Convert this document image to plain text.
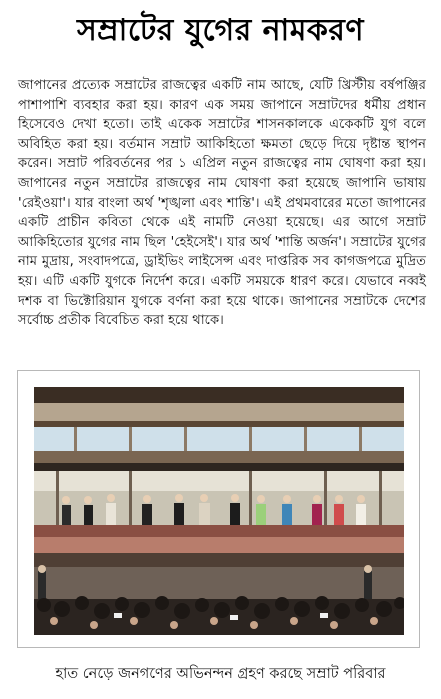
সম্রাটের যুগের নামকরণ
জাপানের প্রত্যেক সম্রাটের রাজত্বের একটি নাম আছে, যেটি খ্রিস্টীয় বর্ষপঞ্জির পাশাপাশি ব্যবহার করা হয়। কারণ এক সময় জাপানে সম্রাটদের ধর্মীয় প্রধান হিসেবেও দেখা হতো। তাই একেক সম্রাটের শাসনকালকে একেকটি যুগ বলে অবিহিত করা হয়। বর্তমান সম্রাট আকিহিতো ক্ষমতা ছেড়ে দিয়ে দৃষ্টান্ত স্থাপন করেন। সম্রাট পরিবর্তনের পর ১ এপ্রিল নতুন রাজত্বের নাম ঘোষণা করা হয়। জাপানের নতুন সম্রাটের রাজত্বের নাম ঘোষণা করা হয়েছে জাপানি ভাষায় 'রেইওয়া'। যার বাংলা অর্থ 'শৃঙ্খলা এবং শান্তি'। এই প্রথমবারের মতো জাপানের একটি প্রাচীন কবিতা থেকে এই নামটি নেওয়া হয়েছে। এর আগে সম্রাট আকিহিতোর যুগের নাম ছিল 'হেইসেই'। যার অর্থ 'শান্তি অর্জন'। সম্রাটের যুগের নাম মুদ্রায়, সংবাদপত্রে, ড্রাইভিং লাইসেন্স এবং দাপ্তরিক সব কাগজপত্রে মুদ্রিত হয়। এটি একটি যুগকে নির্দেশ করে। একটি সময়কে ধারণ করে। যেভাবে নব্বই দশক বা ভিক্টোরিয়ান যুগকে বর্ণনা করা হয়ে থাকে। জাপানের সম্রাটকে দেশের সর্বোচ্চ প্রতীক বিবেচিত করা হয়ে থাকে।
হাত নেড়ে জনগণের অভিনন্দন গ্রহণ করছে সম্রাট পরিবার
